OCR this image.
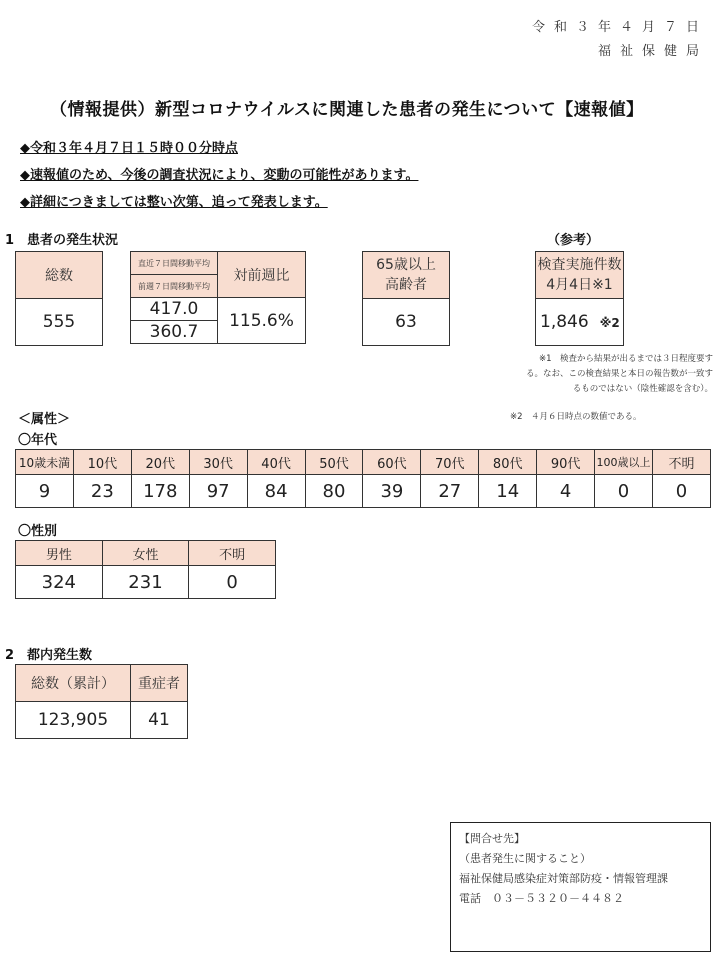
令和３年４月７日
福祉保健局
（情報提供）新型コロナウイルスに関連した患者の発生について【速報値】
◆令和３年４月７日１５時００分時点
◆速報値のため、今後の調査状況により、変動の可能性があります。
◆詳細につきましては整い次第、追って発表します。
1　患者の発生状況	（参考）
総数
555
直近７日間移動平均	対前週比
前週７日間移動平均	
417.0	115.6%
360.7	
65歳以上
高齢者

63
検査実施件数
4月4日※1

1,846 ※2
※1　検査から結果が出るまでは３日程度要す
る。なお、この検査結果と本日の報告数が一致す
るものではない（陰性確認を含む）。
※2　４月６日時点の数値である。
＜属性＞
〇年代
10歳未満	10代	20代	30代	40代	50代	60代	70代	80代	90代	100歳以上	不明
9	23	178	97	84	80	39	27	14	4	0	0
〇性別
男性	女性	不明
324	231	0
2　都内発生数
総数（累計）	重症者
123,905	41
【問合せ先】
（患者発生に関すること）
福祉保健局感染症対策部防疫・情報管理課
電話　０３－５３２０－４４８２
